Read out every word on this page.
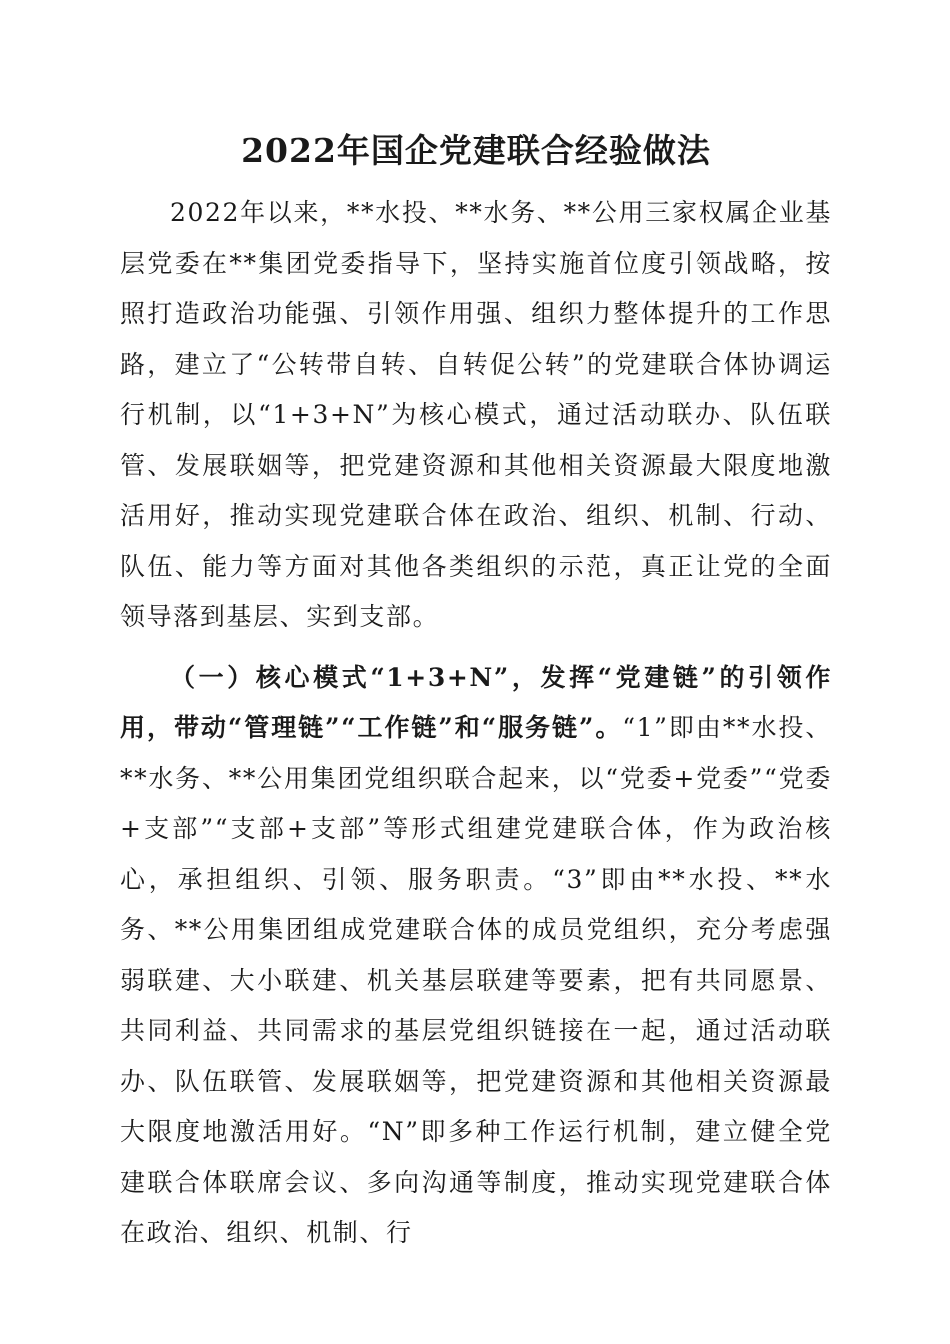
2022年国企党建联合经验做法

2022年以来，**水投、**水务、**公用三家权属企业基层党委在**集团党委指导下，坚持实施首位度引领战略，按照打造政治功能强、引领作用强、组织力整体提升的工作思路，建立了“公转带自转、自转促公转”的党建联合体协调运行机制，以“1+3+N”为核心模式，通过活动联办、队伍联管、发展联姻等，把党建资源和其他相关资源最大限度地激活用好，推动实现党建联合体在政治、组织、机制、行动、队伍、能力等方面对其他各类组织的示范，真正让党的全面领导落到基层、实到支部。

（一）核心模式“1+3+N”，发挥“党建链”的引领作用，带动“管理链”“工作链”和“服务链”。“1”即由**水投、**水务、**公用集团党组织联合起来，以“党委+党委”“党委+支部”“支部+支部”等形式组建党建联合体，作为政治核心，承担组织、引领、服务职责。“3”即由**水投、**水务、**公用集团组成党建联合体的成员党组织，充分考虑强弱联建、大小联建、机关基层联建等要素，把有共同愿景、共同利益、共同需求的基层党组织链接在一起，通过活动联办、队伍联管、发展联姻等，把党建资源和其他相关资源最大限度地激活用好。“N”即多种工作运行机制，建立健全党建联合体联席会议、多向沟通等制度，推动实现党建联合体在政治、组织、机制、行
